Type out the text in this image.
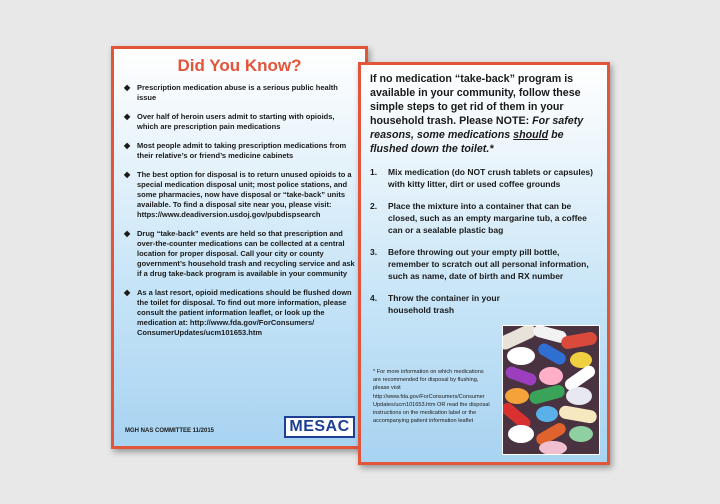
Did You Know?
◆ Prescription medication abuse is a serious public health issue
◆ Over half of heroin users admit to starting with opioids, which are prescription pain medications
◆ Most people admit to taking prescription medications from their relative’s or friend’s medicine cabinets
◆ The best option for disposal is to return unused opioids to a special medication disposal unit; most police stations, and some pharmacies, now have disposal or “take-back” units available. To find a disposal site near you, please visit: https://www.deadiversion.usdoj.gov/pubdispsearch
◆ Drug “take-back” events are held so that prescription and over-the-counter medications can be collected at a central location for proper disposal. Call your city or county government’s household trash and recycling service and ask if a drug take-back program is available in your community
◆ As a last resort, opioid medications should be flushed down the toilet for disposal. To find out more information, please consult the patient information leaflet, or look up the medication at: http://www.fda.gov/ForConsumers/ ConsumerUpdates/ucm101653.htm
MGH NAS COMMITTEE 11/2015	MESAC

If no medication “take-back” program is available in your community, follow these simple steps to get rid of them in your household trash. Please NOTE: For safety reasons, some medications should be flushed down the toilet.*

1. Mix medication (do NOT crush tablets or capsules) with kitty litter, dirt or used coffee grounds
2. Place the mixture into a container that can be closed, such as an empty margarine tub, a coffee can or a sealable plastic bag
3. Before throwing out your empty pill bottle, remember to scratch out all personal information, such as name, date of birth and RX number
4. Throw the container in your household trash
* For more information on which medications are recommended for disposal by flushing, please visit http://www.fda.gov/ForConsumers/Consumer Updates/ucm101653.htm OR read the disposal instructions on the medication label or the accompanying patient information leaflet
